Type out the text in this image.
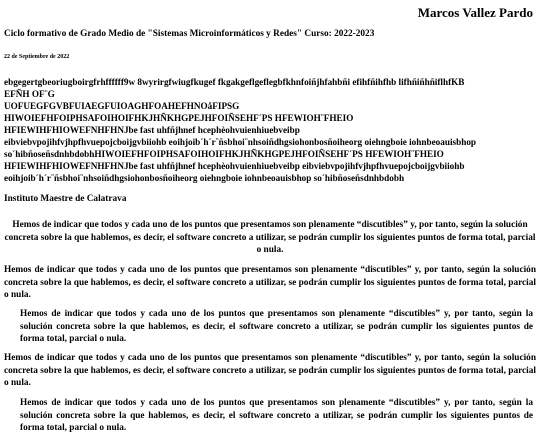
Marcos Vallez Pardo
Ciclo formativo de Grado Medio de "Sistemas Microinformáticos y Redes" Curso: 2022-2023
22 de Septiembre de 2022
ebgegertgbeoriugboirgfrhffffff9w 8wyrirgfwiugfkugef fkgakgeflgeflegbfkhnfoiñjhfahbñi efihfñihfhb lifhñiñhñiflhfKB
EFÑH OF¨G
UOFUEGFGVBFUIAEGFUIOAGHFOAHEFHNOåFIPSG
HIWOIEFHFOIPHSAFOIHOIFHKJHÑKHGPEJHFOIÑSEHF´PS HFEWIOH¨FHEIO
HFIEWIHFHIOWEFNHFHNJbe fast uhfñjhnef hcephèohvuienhiuebveibp
eibviebvpojihfvjhpfhvuepojcboijgvbiiohb eoihjoib´h´r¨ñsbhoi¨nhsoiñdhgsiohonbosñoiheorg oiehngboie iohnbeoauisbhop
so´hibñoseñsdnhbdobhHIWOIEFHFOIPHSAFOIHOIFHKJHÑKHGPEJHFOIÑSEHF´PS HFEWIOH¨FHEIO
HFIEWIHFHIOWEFNHFHNJbe fast uhfñjhnef hcephèohvuienhiuebveibp eibviebvpojihfvjhpfhvuepojcboijgvbiiohb
eoihjoib´h´r¨ñsbhoi¨nhsoiñdhgsiohonbosñoiheorg oiehngboie iohnbeoauisbhop so´hibñoseñsdnhbdobh
Instituto Maestre de Calatrava
Hemos de indicar que todos y cada uno de los puntos que presentamos son plenamente “discutibles” y, por tanto, según la solución concreta sobre la que hablemos, es decir, el software concreto a utilizar, se podrán cumplir los siguientes puntos de forma total, parcial o nula.
Hemos de indicar que todos y cada uno de los puntos que presentamos son plenamente “discutibles” y, por tanto, según la solución concreta sobre la que hablemos, es decir, el software concreto a utilizar, se podrán cumplir los siguientes puntos de forma total, parcial o nula.
Hemos de indicar que todos y cada uno de los puntos que presentamos son plenamente “discutibles” y, por tanto, según la solución concreta sobre la que hablemos, es decir, el software concreto a utilizar, se podrán cumplir los siguientes puntos de forma total, parcial o nula.
Hemos de indicar que todos y cada uno de los puntos que presentamos son plenamente “discutibles” y, por tanto, según la solución concreta sobre la que hablemos, es decir, el software concreto a utilizar, se podrán cumplir los siguientes puntos de forma total, parcial o nula.
Hemos de indicar que todos y cada uno de los puntos que presentamos son plenamente “discutibles” y, por tanto, según la solución concreta sobre la que hablemos, es decir, el software concreto a utilizar, se podrán cumplir los siguientes puntos de forma total, parcial o nula.
